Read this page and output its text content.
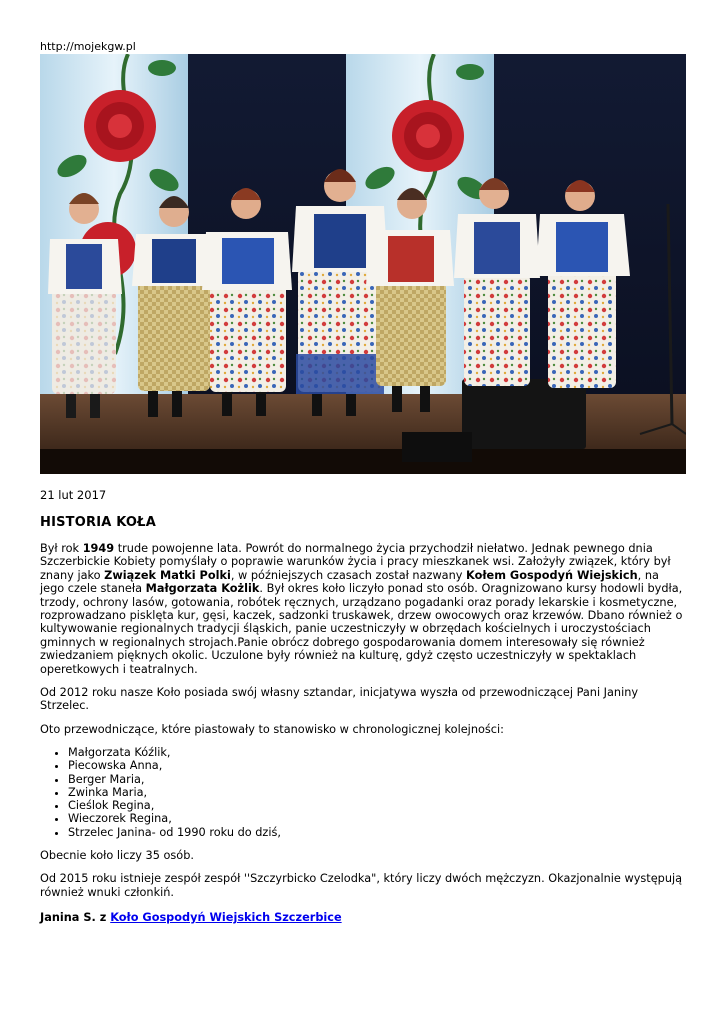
http://mojekgw.pl
21 lut 2017
HISTORIA KOŁA

Był rok 1949 trude powojenne lata. Powrót do normalnego życia przychodził niełatwo. Jednak pewnego dnia Szczerbickie Kobiety pomyślały o poprawie warunków życia i pracy mieszkanek wsi. Założyły związek, który był znany jako Związek Matki Polki, w późniejszych czasach został nazwany Kołem Gospodyń Wiejskich, na jego czele staneła Małgorzata Kożlik. Był okres koło liczyło ponad sto osób. Oragnizowano kursy hodowli bydła, trzody, ochrony lasów, gotowania, robótek ręcznych, urządzano pogadanki oraz porady lekarskie i kosmetyczne, rozprowadzano pisklęta kur, gęsi, kaczek, sadzonki truskawek, drzew owocowych oraz krzewów. Dbano również o kultywowanie regionalnych tradycji śląskich, panie uczestniczyły w obrzędach kościelnych i uroczystościach gminnych w regionalnych strojach.Panie obrócz dobrego gospodarowania domem interesowały się również zwiedzaniem pięknych okolic. Uczulone były również na kulturę, gdyż często uczestniczyły w spektaklach operetkowych i teatralnych.

Od 2012 roku nasze Koło posiada swój własny sztandar, inicjatywa wyszła od przewodniczącej Pani Janiny Strzelec.

Oto przewodniczące, które piastowały to stanowisko w chronologicznej kolejności:

• Małgorzata Kóźlik,
• Piecowska Anna,
• Berger Maria,
• Zwinka Maria,
• Cieślok Regina,
• Wieczorek Regina,
• Strzelec Janina- od 1990 roku do dziś,

Obecnie koło liczy 35 osób.

Od 2015 roku istnieje zespół zespół ''Szczyrbicko Czelodka", który liczy dwóch mężczyzn. Okazjonalnie występują również wnuki członkiń.

Janina S. z Koło Gospodyń Wiejskich Szczerbice
